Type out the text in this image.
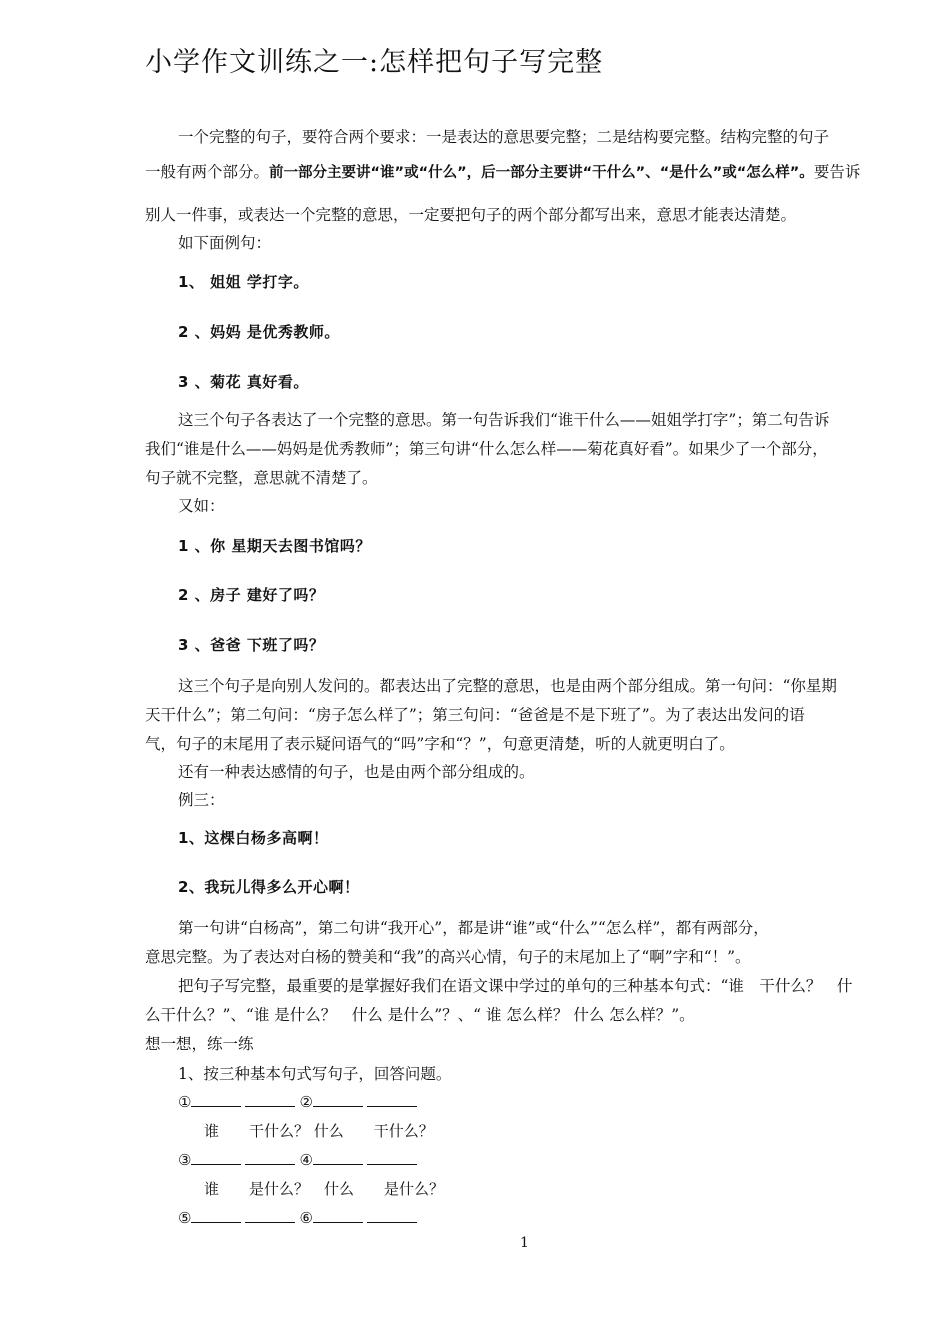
小学作文训练之一:怎样把句子写完整
一个完整的句子，要符合两个要求：一是表达的意思要完整；二是结构要完整。结构完整的句子
一般有两个部分。前一部分主要讲“谁”或“什么”，后一部分主要讲“干什么”、“是什么”或“怎么样”。要告诉
别人一件事，或表达一个完整的意思，一定要把句子的两个部分都写出来，意思才能表达清楚。
如下面例句：
1、 姐姐 学打字。
2 、妈妈 是优秀教师。
3 、菊花 真好看。
这三个句子各表达了一个完整的意思。第一句告诉我们“谁干什么——姐姐学打字”；第二句告诉
我们“谁是什么——妈妈是优秀教师”；第三句讲“什么怎么样——菊花真好看”。如果少了一个部分，
句子就不完整，意思就不清楚了。
又如：
1 、你 星期天去图书馆吗？
2 、房子 建好了吗？
3 、爸爸 下班了吗？
这三个句子是向别人发问的。都表达出了完整的意思，也是由两个部分组成。第一句问：“你星期
天干什么”；第二句问：“房子怎么样了”；第三句问：“爸爸是不是下班了”。为了表达出发问的语
气，句子的末尾用了表示疑问语气的“吗”字和“？”，句意更清楚，听的人就更明白了。
还有一种表达感情的句子，也是由两个部分组成的。
例三：
1、这棵白杨多高啊！
2、我玩儿得多么开心啊！
第一句讲“白杨高”，第二句讲“我开心”，都是讲“谁”或“什么”“怎么样”，都有两部分，
意思完整。为了表达对白杨的赞美和“我”的高兴心情，句子的末尾加上了“啊”字和“！”。
把句子写完整，最重要的是掌握好我们在语文课中学过的单句的三种基本句式：“谁　干什么？　什
么干什么？”、“谁 是什么？　什么 是什么”？、“ 谁 怎么样？ 什么 怎么样？”。
想一想，练一练
1、按三种基本句式写句子，回答问题。
①	②
谁　　干什么？ 什么　　干什么？
③	④
谁　　是什么？　什么　　是什么？
⑤	⑥
1
